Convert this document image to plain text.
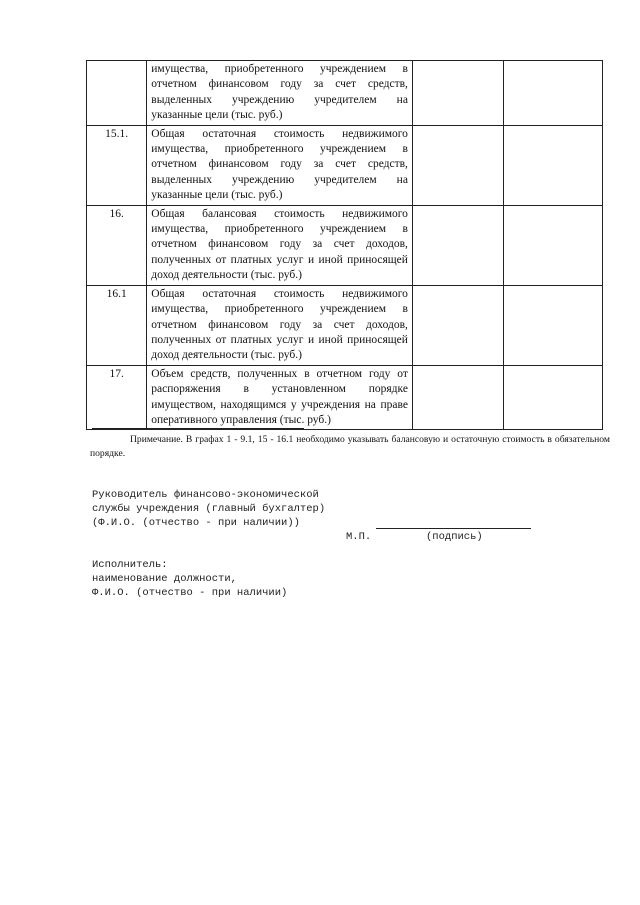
	имущества, приобретенного учреждением в отчетном финансовом году за счет средств, выделенных учреждению учредителем на указанные цели (тыс. руб.)		
15.1.	Общая остаточная стоимость недвижимого имущества, приобретенного учреждением в отчетном финансовом году за счет средств, выделенных учреждению учредителем на указанные цели (тыс. руб.)		
16.	Общая балансовая стоимость недвижимого имущества, приобретенного учреждением в отчетном финансовом году за счет доходов, полученных от платных услуг и иной приносящей доход деятельности (тыс. руб.)		
16.1	Общая остаточная стоимость недвижимого имущества, приобретенного учреждением в отчетном финансовом году за счет доходов, полученных от платных услуг и иной приносящей доход деятельности (тыс. руб.)		
17.	Объем средств, полученных в отчетном году от распоряжения в установленном порядке имуществом, находящимся у учреждения на праве оперативного управления (тыс. руб.)		
Примечание. В графах 1 - 9.1, 15 - 16.1 необходимо указывать балансовую и остаточную стоимость в обязательном порядке.
Руководитель финансово-экономической
службы учреждения (главный бухгалтер)
(Ф.И.О. (отчество - при наличии))
М.П.	(подпись)
Исполнитель:
наименование должности,
Ф.И.О. (отчество - при наличии)
